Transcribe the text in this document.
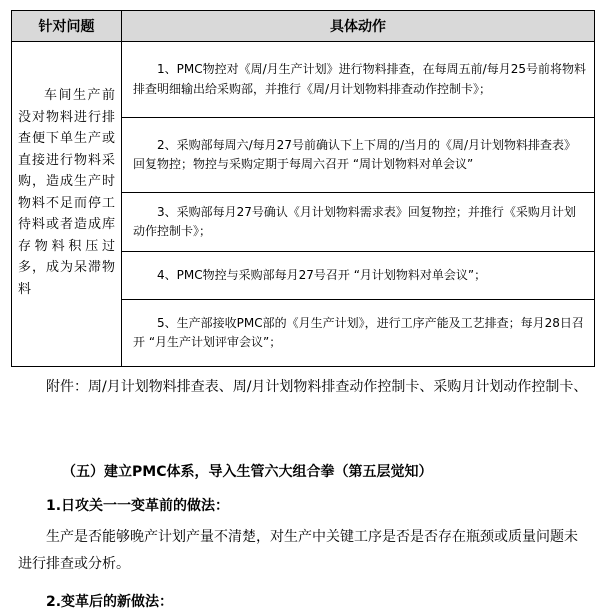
针对问题	具体动作

车间生产前没对物料进行排查便下单生产或直接进行物料采购，造成生产时物料不足而停工待料或者造成库存物料积压过多，成为呆滞物料	1、PMC物控对《周/月生产计划》进行物料排查，在每周五前/每月25号前将物料排查明细输出给采购部，并推行《周/月计划物料排查动作控制卡》；

	2、采购部每周六/每月27号前确认下上下周的/当月的《周/月计划物料排查表》回复物控；物控与采购定期于每周六召开 “周计划物料对单会议”

	3、采购部每月27号确认《月计划物料需求表》回复物控；并推行《采购月计划动作控制卡》；

	4、PMC物控与采购部每月27号召开 “月计划物料对单会议”；

	5、生产部接收PMC部的《月生产计划》，进行工序产能及工艺排查；每月28日召开 “月生产计划评审会议”；
附件：周/月计划物料排查表、周/月计划物料排查动作控制卡、采购月计划动作控制卡、
（五）建立PMC体系，导入生管六大组合拳（第五层觉知）
1.日攻关一一变革前的做法：
生产是否能够晚产计划产量不清楚，对生产中关键工序是否是否存在瓶颈或质量问题未进行排查或分析。
2.变革后的新做法：
